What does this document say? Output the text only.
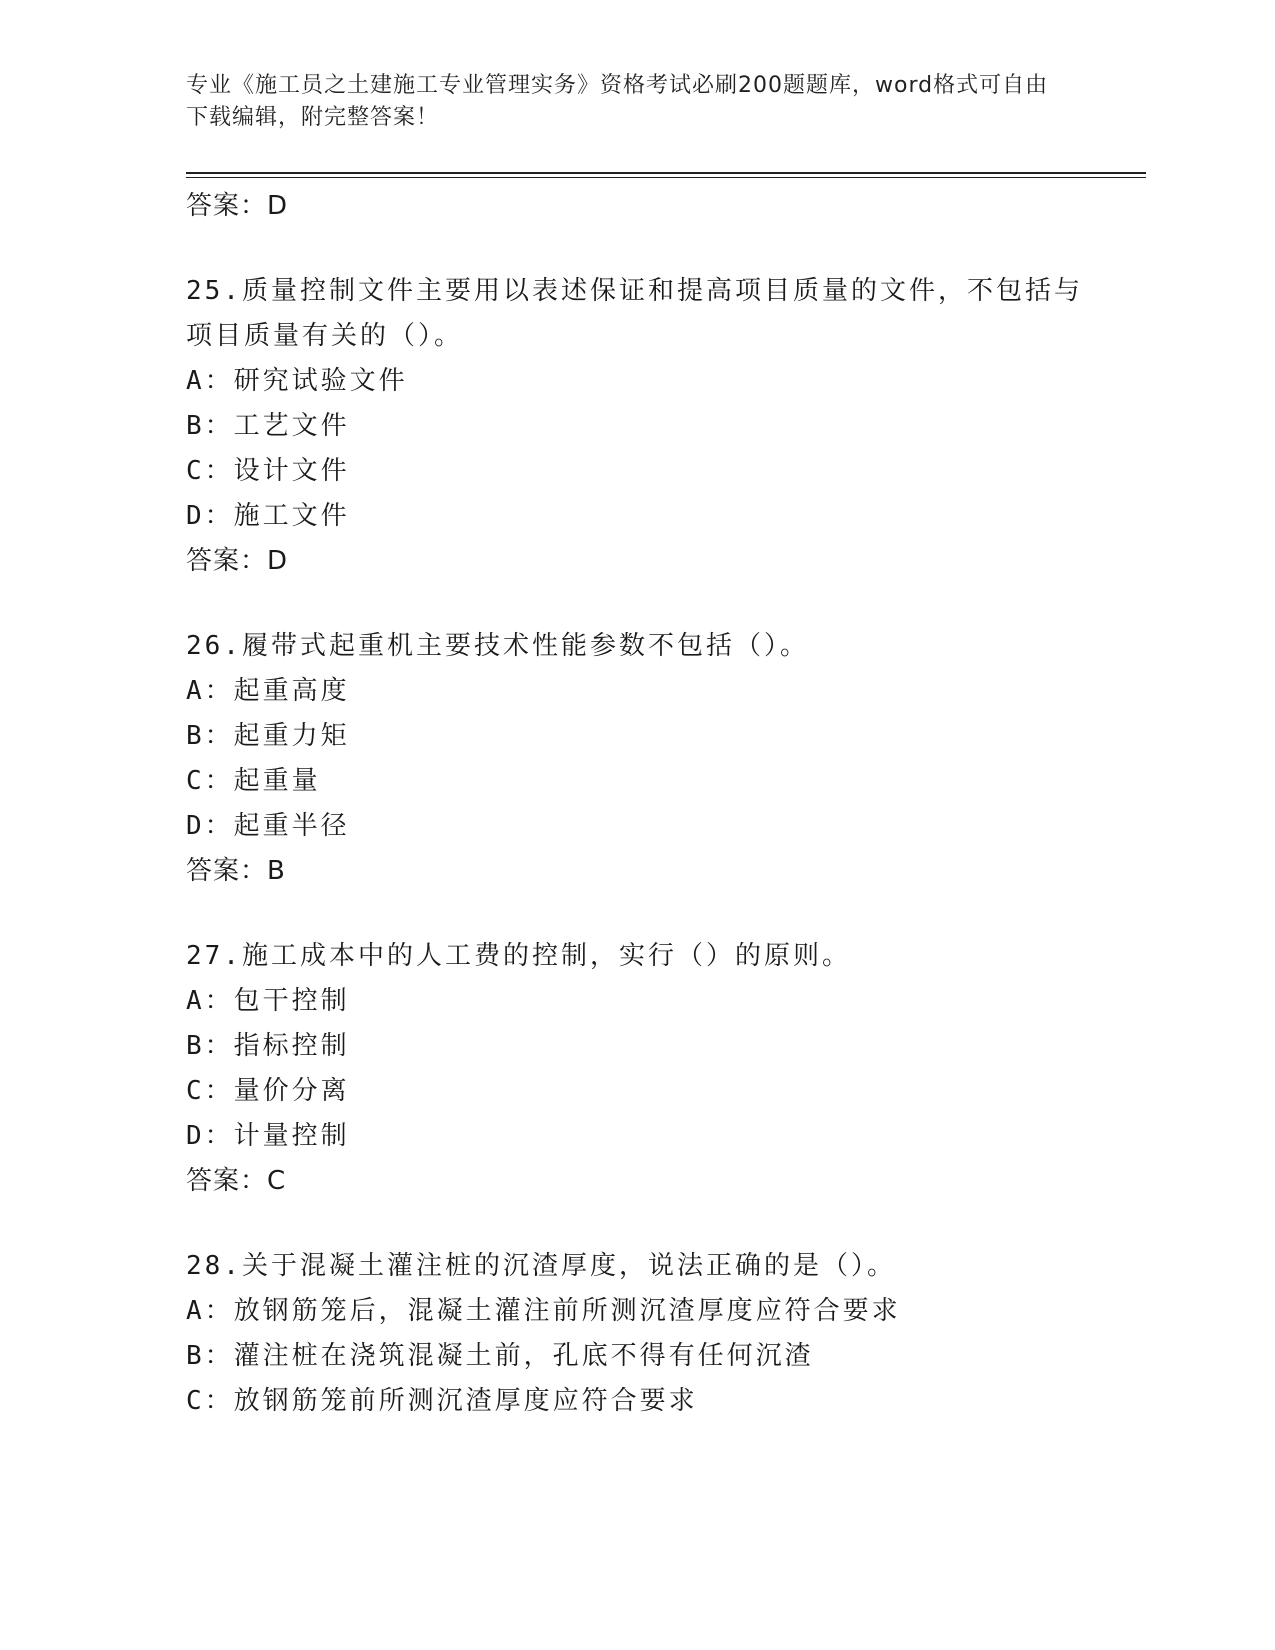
专业《施工员之土建施工专业管理实务》资格考试必刷200题题库，word格式可自由下载编辑，附完整答案！
答案：D
25.质量控制文件主要用以表述保证和提高项目质量的文件，不包括与项目质量有关的（）。
A：研究试验文件
B：工艺文件
C：设计文件
D：施工文件
答案：D
26.履带式起重机主要技术性能参数不包括（）。
A：起重高度
B：起重力矩
C：起重量
D：起重半径
答案：B
27.施工成本中的人工费的控制，实行（）的原则。
A：包干控制
B：指标控制
C：量价分离
D：计量控制
答案：C
28.关于混凝土灌注桩的沉渣厚度，说法正确的是（）。
A：放钢筋笼后，混凝土灌注前所测沉渣厚度应符合要求
B：灌注桩在浇筑混凝土前，孔底不得有任何沉渣
C：放钢筋笼前所测沉渣厚度应符合要求
